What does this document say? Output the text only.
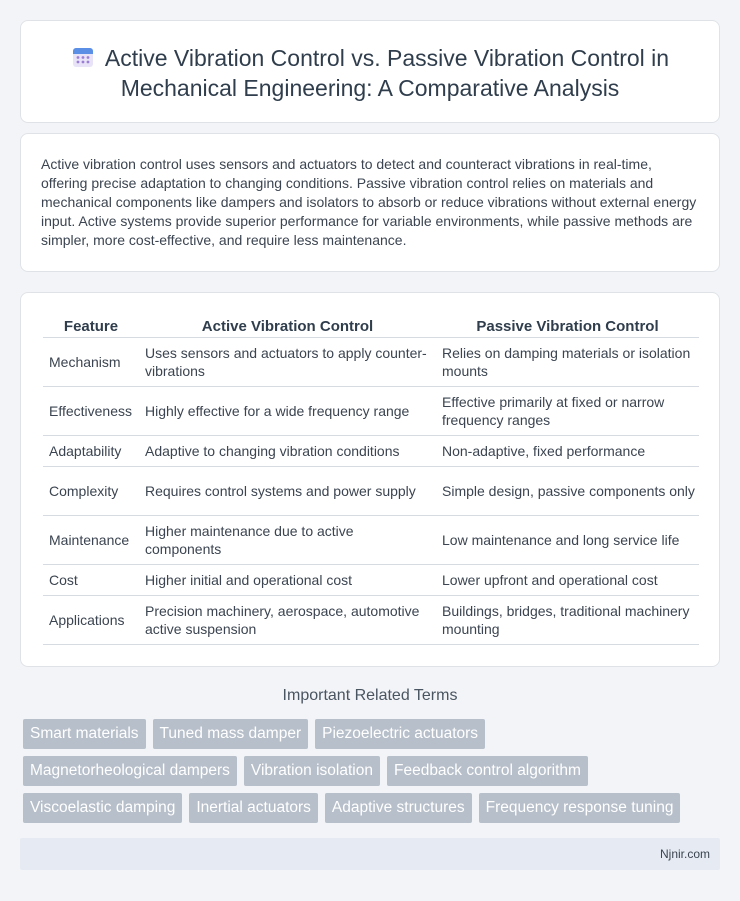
Active Vibration Control vs. Passive Vibration Control in Mechanical Engineering: A Comparative Analysis

Active vibration control uses sensors and actuators to detect and counteract vibrations in real-time, offering precise adaptation to changing conditions. Passive vibration control relies on materials and mechanical components like dampers and isolators to absorb or reduce vibrations without external energy input. Active systems provide superior performance for variable environments, while passive methods are simpler, more cost-effective, and require less maintenance.

Feature	Active Vibration Control	Passive Vibration Control
Mechanism	Uses sensors and actuators to apply counter-vibrations	Relies on damping materials or isolation mounts
Effectiveness	Highly effective for a wide frequency range	Effective primarily at fixed or narrow frequency ranges
Adaptability	Adaptive to changing vibration conditions	Non-adaptive, fixed performance
Complexity	Requires control systems and power supply	Simple design, passive components only
Maintenance	Higher maintenance due to active components	Low maintenance and long service life
Cost	Higher initial and operational cost	Lower upfront and operational cost
Applications	Precision machinery, aerospace, automotive active suspension	Buildings, bridges, traditional machinery mounting
Important Related Terms
Smart materials	Tuned mass damper	Piezoelectric actuators
Magnetorheological dampers	Vibration isolation	Feedback control algorithm
Viscoelastic damping	Inertial actuators	Adaptive structures	Frequency response tuning
Njnir.com
